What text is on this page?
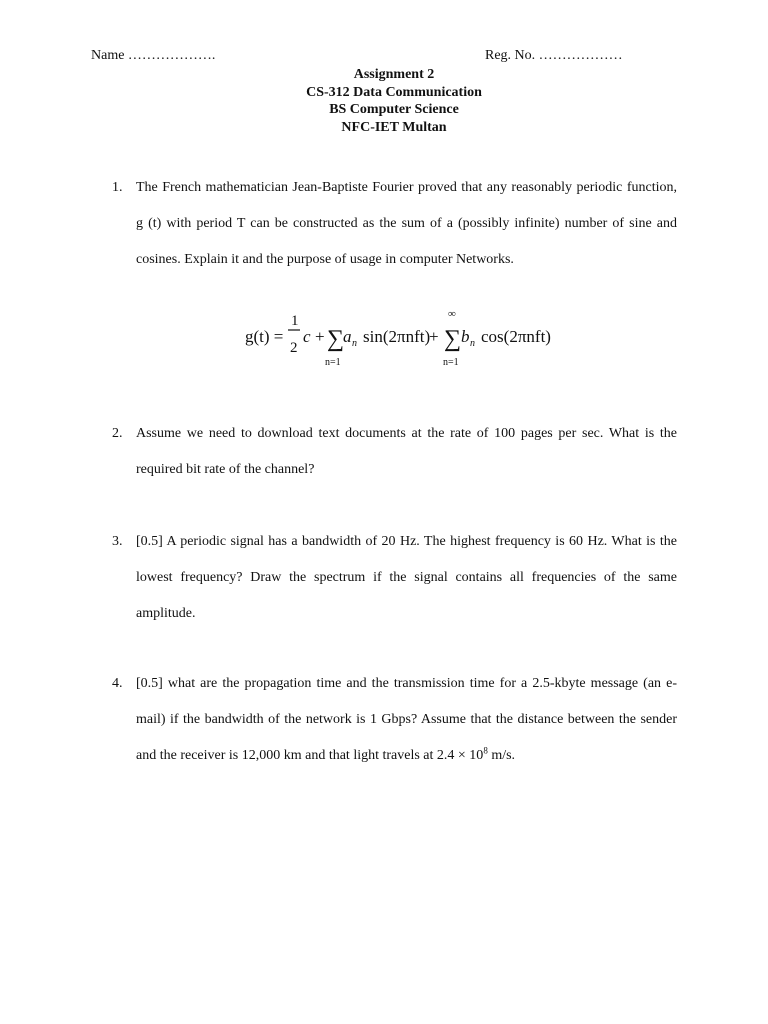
Name ……………….	Reg. No. ………………
Assignment 2
CS-312 Data Communication
BS Computer Science
NFC-IET Multan
1. The French mathematician Jean-Baptiste Fourier proved that any reasonably periodic function, g (t) with period T can be constructed as the sum of a (possibly infinite) number of sine and cosines. Explain it and the purpose of usage in computer Networks.
2. Assume we need to download text documents at the rate of 100 pages per sec. What is the required bit rate of the channel?
3. [0.5] A periodic signal has a bandwidth of 20 Hz. The highest frequency is 60 Hz. What is the lowest frequency? Draw the spectrum if the signal contains all frequencies of the same amplitude.
4. [0.5] what are the propagation time and the transmission time for a 2.5-kbyte message (an e-mail) if the bandwidth of the network is 1 Gbps? Assume that the distance between the sender and the receiver is 12,000 km and that light travels at $2.4 \times 10^8$ m/s.
g(t) =
1
2
c + ∑
n=1
a n sin(2πnft)
+
∞
∑
n=1
b n cos(2πnft)
